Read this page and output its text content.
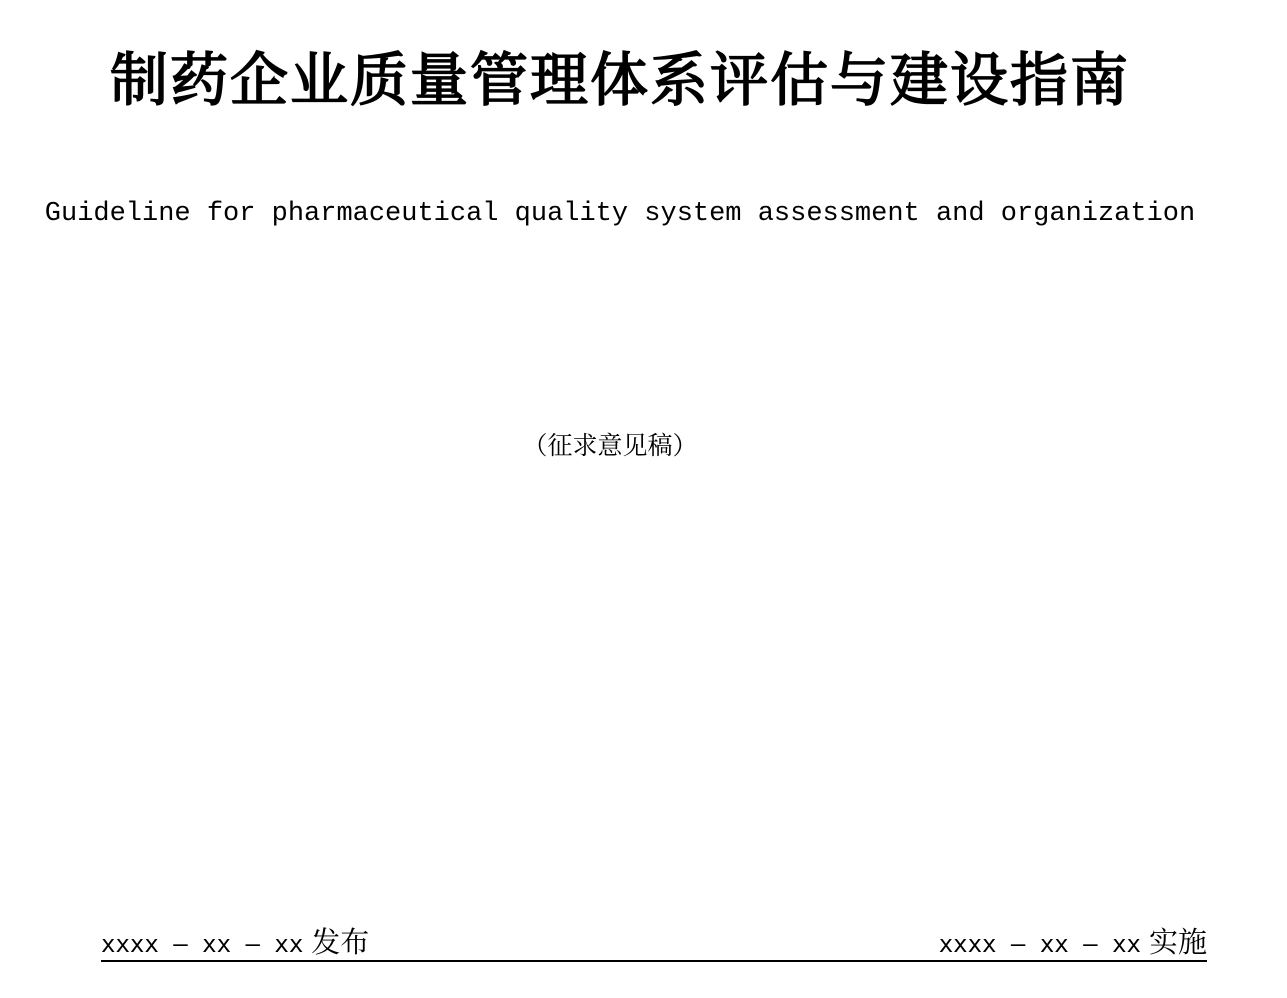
制药企业质量管理体系评估与建设指南
Guideline for pharmaceutical quality system assessment and organization
（征求意见稿）
xxxx – xx – xx 发布	xxxx – xx – xx 实施
